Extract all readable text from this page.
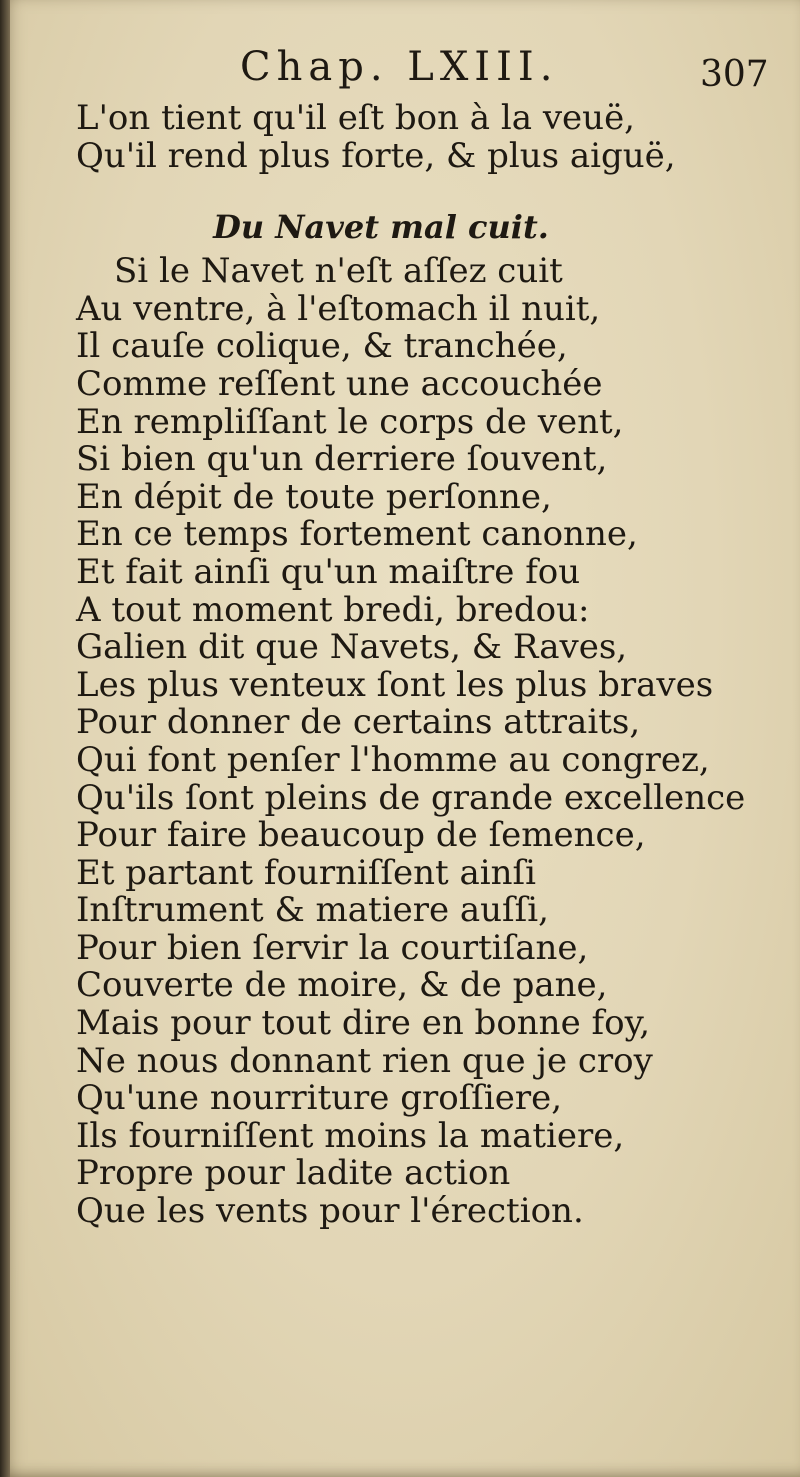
Chap. LXIII.	307
L'on tient qu'il eſt bon à la veuë,
Qu'il rend plus forte, & plus aiguë,
Du Navet mal cuit.
Si le Navet n'eſt aſſez cuit
Au ventre, à l'eſtomach il nuit,
Il cauſe colique, & tranchée,
Comme reſſent une accouchée
En rempliſſant le corps de vent,
Si bien qu'un derriere ſouvent,
En dépit de toute perſonne,
En ce temps fortement canonne,
Et fait ainſi qu'un maiſtre fou
A tout moment bredi, bredou:
Galien dit que Navets, & Raves,
Les plus venteux ſont les plus braves
Pour donner de certains attraits,
Qui font penſer l'homme au congrez,
Qu'ils ſont pleins de grande excellence
Pour faire beaucoup de ſemence,
Et partant fourniſſent ainſi
Inſtrument & matiere auſſi,
Pour bien ſervir la courtiſane,
Couverte de moire, & de pane,
Mais pour tout dire en bonne foy,
Ne nous donnant rien que je croy
Qu'une nourriture groſſiere,
Ils fourniſſent moins la matiere,
Propre pour ladite action
Que les vents pour l'érection.
